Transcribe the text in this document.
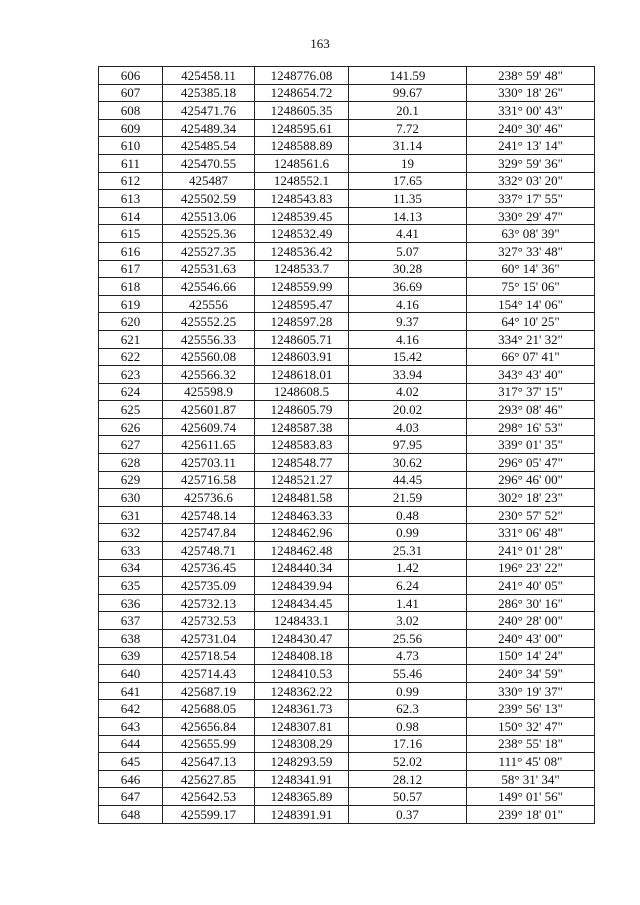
163
606	425458.11	1248776.08	141.59	238° 59' 48"
607	425385.18	1248654.72	99.67	330° 18' 26"
608	425471.76	1248605.35	20.1	331° 00' 43"
609	425489.34	1248595.61	7.72	240° 30' 46"
610	425485.54	1248588.89	31.14	241° 13' 14"
611	425470.55	1248561.6	19	329° 59' 36"
612	425487	1248552.1	17.65	332° 03' 20"
613	425502.59	1248543.83	11.35	337° 17' 55"
614	425513.06	1248539.45	14.13	330° 29' 47"
615	425525.36	1248532.49	4.41	63° 08' 39"
616	425527.35	1248536.42	5.07	327° 33' 48"
617	425531.63	1248533.7	30.28	60° 14' 36"
618	425546.66	1248559.99	36.69	75° 15' 06"
619	425556	1248595.47	4.16	154° 14' 06"
620	425552.25	1248597.28	9.37	64° 10' 25"
621	425556.33	1248605.71	4.16	334° 21' 32"
622	425560.08	1248603.91	15.42	66° 07' 41"
623	425566.32	1248618.01	33.94	343° 43' 40"
624	425598.9	1248608.5	4.02	317° 37' 15"
625	425601.87	1248605.79	20.02	293° 08' 46"
626	425609.74	1248587.38	4.03	298° 16' 53"
627	425611.65	1248583.83	97.95	339° 01' 35"
628	425703.11	1248548.77	30.62	296° 05' 47"
629	425716.58	1248521.27	44.45	296° 46' 00"
630	425736.6	1248481.58	21.59	302° 18' 23"
631	425748.14	1248463.33	0.48	230° 57' 52"
632	425747.84	1248462.96	0.99	331° 06' 48"
633	425748.71	1248462.48	25.31	241° 01' 28"
634	425736.45	1248440.34	1.42	196° 23' 22"
635	425735.09	1248439.94	6.24	241° 40' 05"
636	425732.13	1248434.45	1.41	286° 30' 16"
637	425732.53	1248433.1	3.02	240° 28' 00"
638	425731.04	1248430.47	25.56	240° 43' 00"
639	425718.54	1248408.18	4.73	150° 14' 24"
640	425714.43	1248410.53	55.46	240° 34' 59"
641	425687.19	1248362.22	0.99	330° 19' 37"
642	425688.05	1248361.73	62.3	239° 56' 13"
643	425656.84	1248307.81	0.98	150° 32' 47"
644	425655.99	1248308.29	17.16	238° 55' 18"
645	425647.13	1248293.59	52.02	111° 45' 08"
646	425627.85	1248341.91	28.12	58° 31' 34"
647	425642.53	1248365.89	50.57	149° 01' 56"
648	425599.17	1248391.91	0.37	239° 18' 01"
